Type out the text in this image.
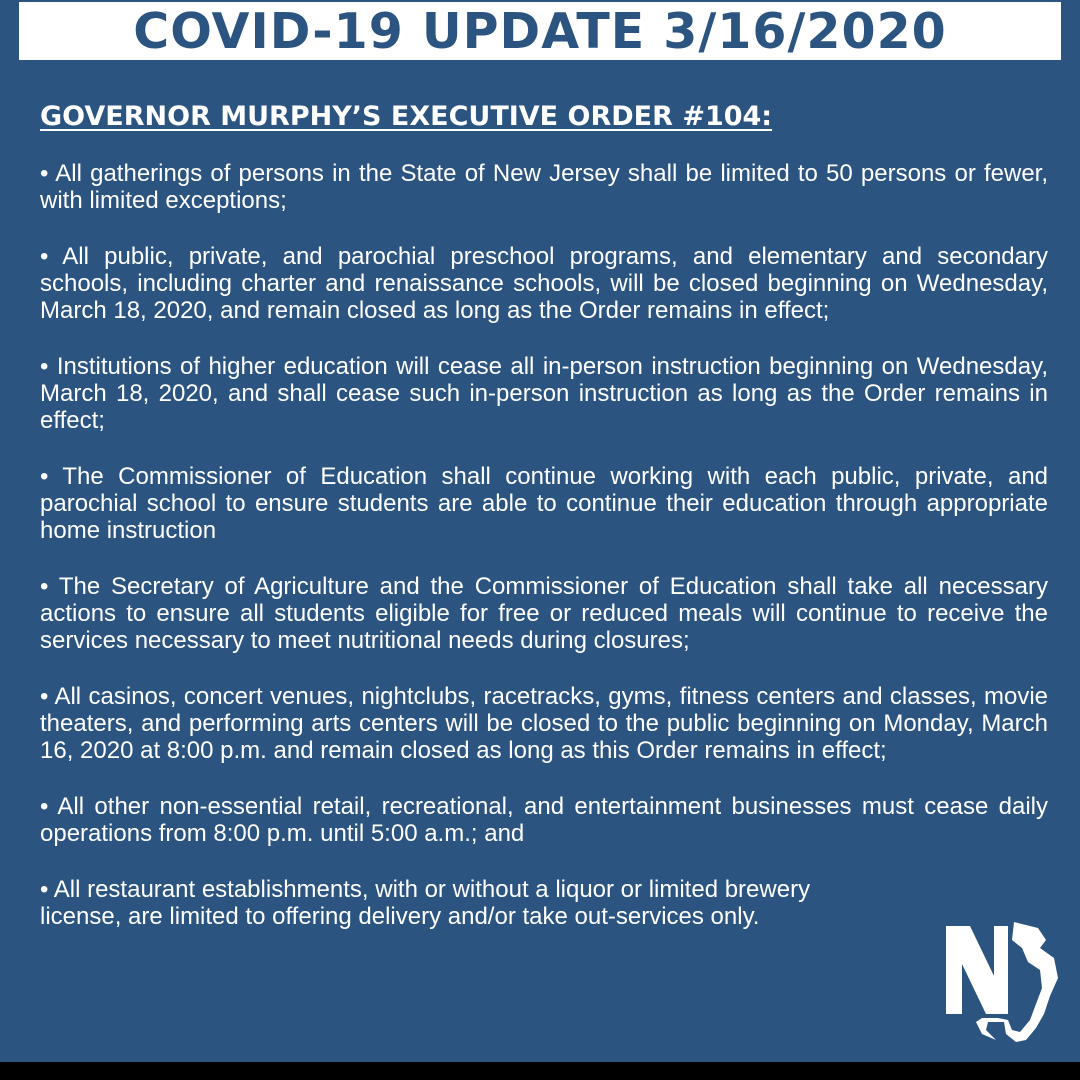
COVID-19 UPDATE 3/16/2020
GOVERNOR MURPHY’S EXECUTIVE ORDER #104:
• All gatherings of persons in the State of New Jersey shall be limited to 50 persons or fewer, with limited exceptions;
• All public, private, and parochial preschool programs, and elementary and secondary schools, including charter and renaissance schools, will be closed beginning on Wednesday, March 18, 2020, and remain closed as long as the Order remains in effect;
• Institutions of higher education will cease all in-person instruction beginning on Wednesday, March 18, 2020, and shall cease such in-person instruction as long as the Order remains in effect;
• The Commissioner of Education shall continue working with each public, private, and parochial school to ensure students are able to continue their education through appropriate home instruction
• The Secretary of Agriculture and the Commissioner of Education shall take all necessary actions to ensure all students eligible for free or reduced meals will continue to receive the services necessary to meet nutritional needs during closures;
• All casinos, concert venues, nightclubs, racetracks, gyms, fitness centers and classes, movie theaters, and performing arts centers will be closed to the public beginning on Monday, March 16, 2020 at 8:00 p.m. and remain closed as long as this Order remains in effect;
• All other non-essential retail, recreational, and entertainment businesses must cease daily operations from 8:00 p.m. until 5:00 a.m.; and
• All restaurant establishments, with or without a liquor or limited brewery license, are limited to offering delivery and/or take out-services only.
